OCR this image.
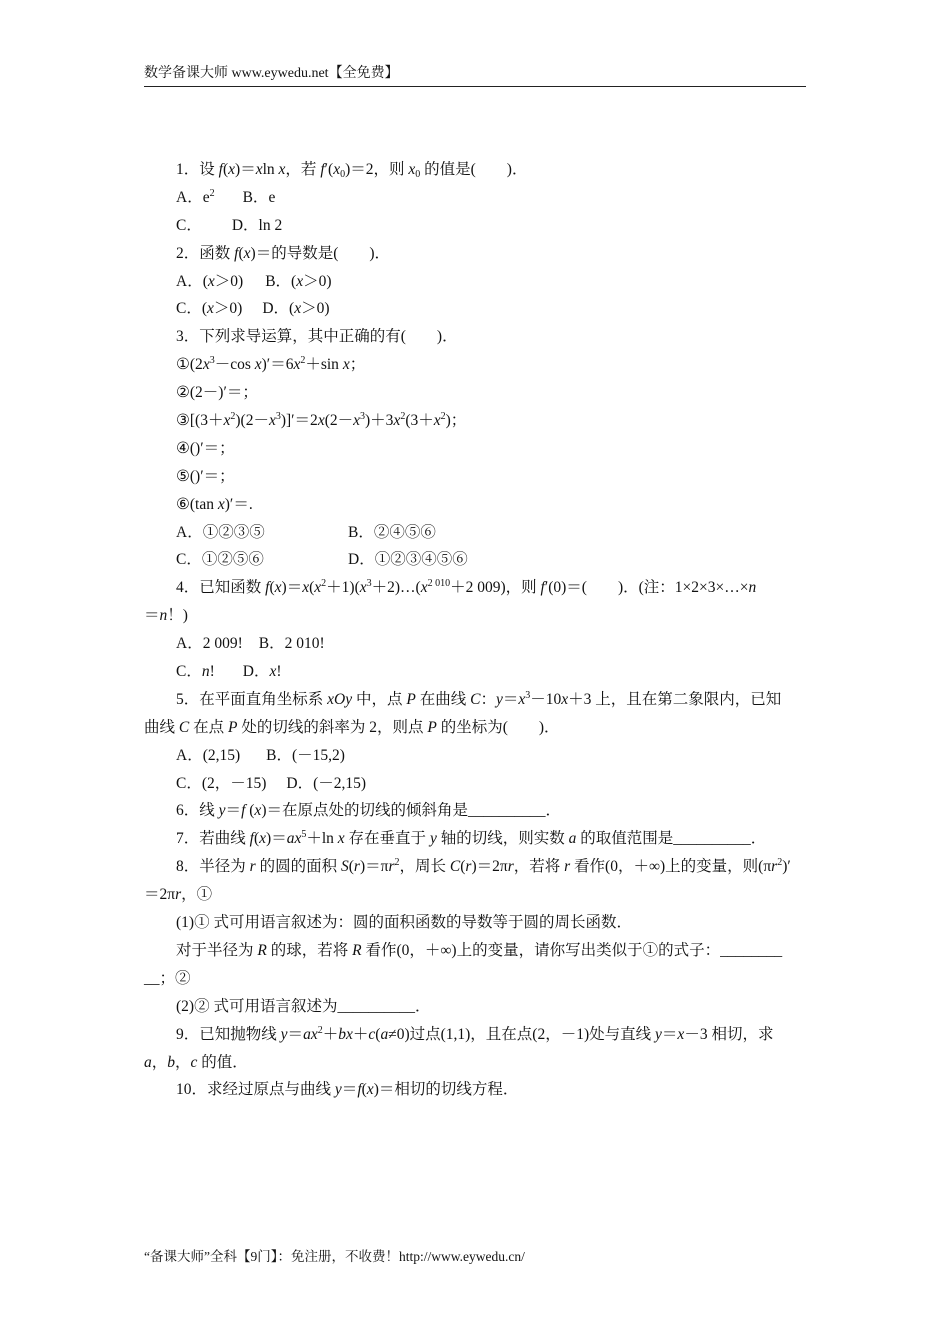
数学备课大师 www.eywedu.net【全免费】
1．设 f(x)＝xln x，若 $f'(x_0)=2$，则 $x_0$ 的值是(　　)．
A．$e^2$ B．e
C． D．ln 2
2．函数 f(x)＝的导数是(　　)．
A．(x＞0) B．(x＞0)
C．(x＞0) D．(x＞0)
3．下列求导运算，其中正确的有(　　)．
$①(2x^3-\cos$ $x)'=6x^2+\sin$ x；
②(2－)′＝；
$③[(3+x^2)(2-x^3)]'=2x(2-x^3)+3x^2(3+x^2)$；
④()′＝；
⑤()′＝；
⑥(tan x)′＝.
A．①②③⑤	B．②④⑤⑥
C．①②⑤⑥	D．①②③④⑤⑥
4．已知函数 $f(x)=x(x^2+1)(x^3+2)\dots(x^{2 010}+2$ 009)，则 f′(0)＝(　　)．(注：1×2×3×…×n
＝n！)
A．2 009! B．2 010!
C．n! D．x!
5．在平面直角坐标系 xOy 中，点 P 在曲线 C：$y=x^3-10x+3$ 上，且在第二象限内，已知
曲线 C 在点 P 处的切线的斜率为 2，则点 P 的坐标为(　　)．
A．(2,15) B．(－15,2)
C．(2，－15) D．(－2,15)
6．线 y＝f (x)＝在原点处的切线的倾斜角是__________．
7．若曲线 $f(x)=ax^5+\ln$ x 存在垂直于 y 轴的切线，则实数 a 的取值范围是__________．
8．半径为 r 的圆的面积 $S(r)=\pi r^2$，周长 C(r)＝2πr，若将 r 看作(0，＋∞)上的变量，则$(\pi r^2)'$
＝2πr，①
(1)① 式可用语言叙述为：圆的面积函数的导数等于圆的周长函数．
对于半径为 R 的球，若将 R 看作(0，＋∞)上的变量，请你写出类似于①的式子：________
__；②
(2)② 式可用语言叙述为__________．
9．已知抛物线 $y=ax^2+bx+c(a\ne 0)$过点(1,1)，且在点(2，－1)处与直线 y＝x－3 相切，求
a，b，c 的值．
10．求经过原点与曲线 y＝f(x)＝相切的切线方程．
“备课大师”全科【9门】：免注册，不收费！http://www.eywedu.cn/
